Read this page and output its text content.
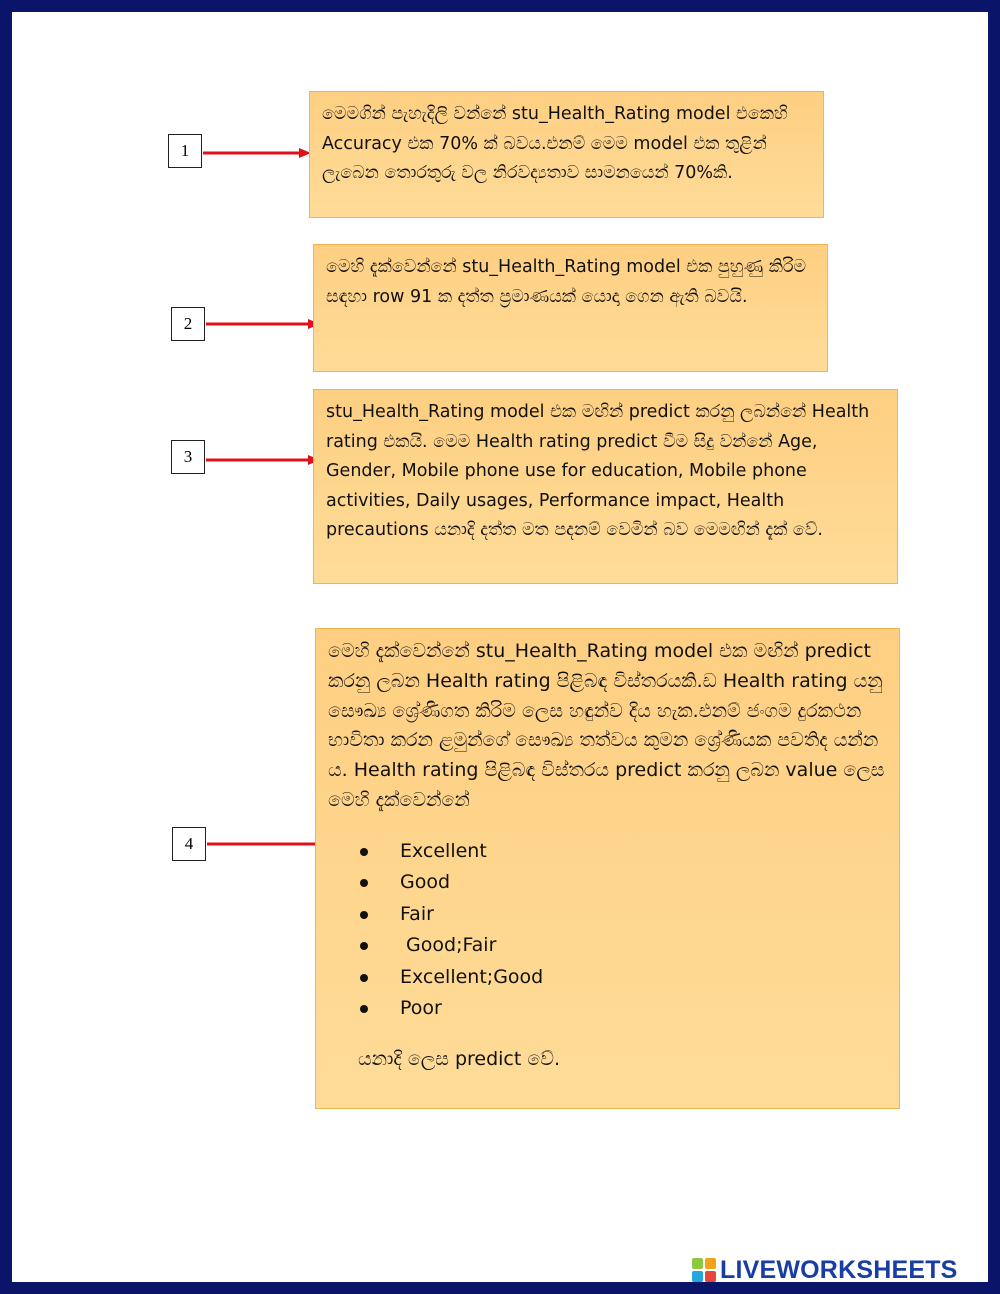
1

මෙමගින් පැහැදිලි වන්නේ stu_Health_Rating model එකෙහි Accuracy එක 70% ක් බවය.එනම් මෙම model එක තුළින් ලැබෙන තොරතුරු වල නිරවද්‍යතාව සාමනයෙන් 70%කි.

2

මෙහි දැක්වෙන්නේ stu_Health_Rating model එක පුහුණු කිරිම සඳහා row 91 ක දත්ත ප්‍රමාණයක් යොදා ගෙන ඇති බවයි.

3

stu_Health_Rating model එක මඟින් predict කරනු ලබන්නේ Health rating එකයි. මෙම Health rating predict වීම සිදු වන්නේ Age, Gender, Mobile phone use for education, Mobile phone activities, Daily usages, Performance impact, Health precautions යනාදි දත්ත මත පදනම් වෙමින් බව මෙමඟින් දැක් වේ.

4

මෙහි දැක්වෙන්නේ stu_Health_Rating model එක මඟින් predict කරනු ලබන Health rating පිළිබඳ විස්තරයකි.ඩ Health rating යනු සෞඛ්‍ය ශ්‍රේණිගත කිරිම ලෙස හඳුන්ව දිය හැක.එනම් ජංගම දුරකථන භාවිතා කරන ළමුන්ගේ සෞඛ්‍ය තත්වය කුමන ශ්‍රේණියක පවතිද යන්න ය. Health rating පිළිබඳ විස්තරය predict කරනු ලබන value ලෙස මෙහි දැක්වෙන්නේ

Excellent
Good
Fair
Good;Fair
Excellent;Good
Poor

යනාදි ලෙස predict වේ.

LIVEWORKSHEETS
